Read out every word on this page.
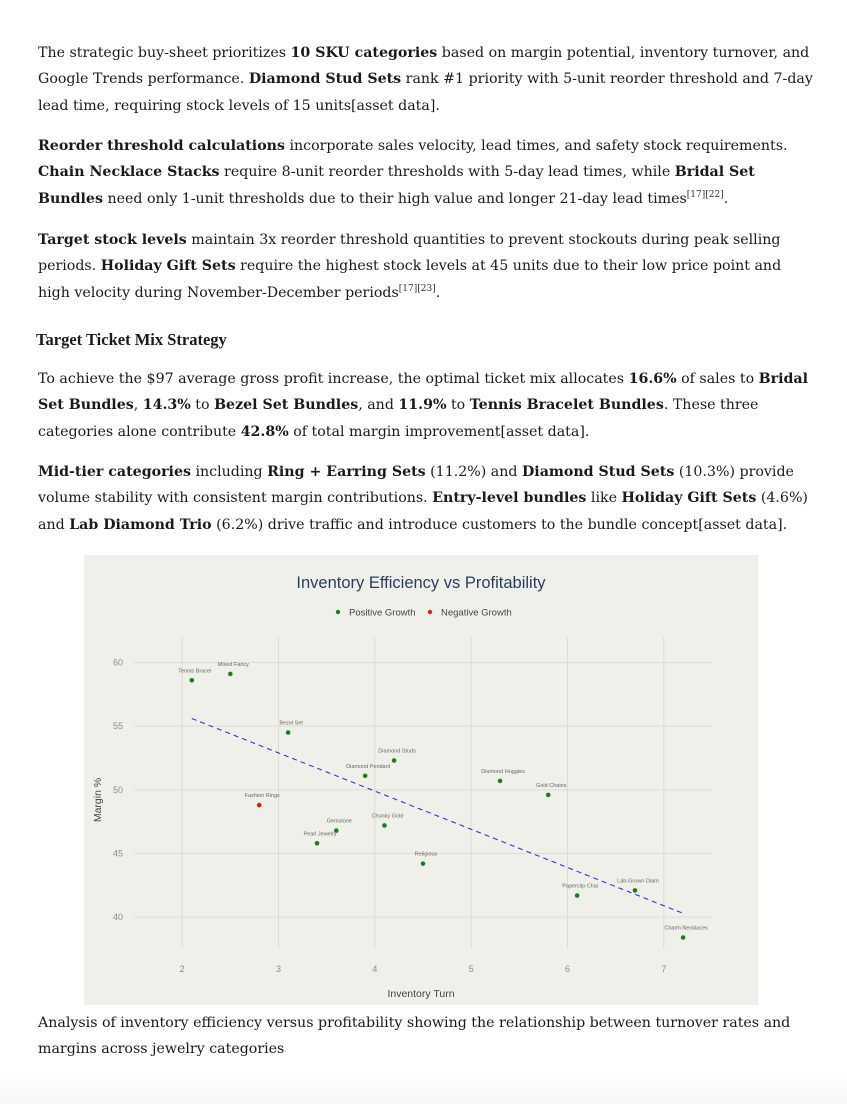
The strategic buy-sheet prioritizes 10 SKU categories based on margin potential, inventory turnover, and Google Trends performance. Diamond Stud Sets rank #1 priority with 5-unit reorder threshold and 7-day lead time, requiring stock levels of 15 units[asset data].

Reorder threshold calculations incorporate sales velocity, lead times, and safety stock requirements. Chain Necklace Stacks require 8-unit reorder thresholds with 5-day lead times, while Bridal Set Bundles need only 1-unit thresholds due to their high value and longer 21-day lead times[17][22].

Target stock levels maintain 3x reorder threshold quantities to prevent stockouts during peak selling periods. Holiday Gift Sets require the highest stock levels at 45 units due to their low price point and high velocity during November-December periods[17][23].

Target Ticket Mix Strategy

To achieve the $97 average gross profit increase, the optimal ticket mix allocates 16.6% of sales to Bridal Set Bundles, 14.3% to Bezel Set Bundles, and 11.9% to Tennis Bracelet Bundles. These three categories alone contribute 42.8% of total margin improvement[asset data].

Mid-tier categories including Ring + Earring Sets (11.2%) and Diamond Stud Sets (10.3%) provide volume stability with consistent margin contributions. Entry-level bundles like Holiday Gift Sets (4.6%) and Lab Diamond Trio (6.2%) drive traffic and introduce customers to the bundle concept[asset data].

Inventory Efficiency vs Profitability
Positive Growth	Negative Growth
2	3	4	5	6	7
40
45
50
55
60
Tennis Bracel
Mixed Fancy
Bezel Set
Fashion Rings
Gemstone
Pearl Jewelry
Diamond Pendant
Diamond Studs
Chunky Gold
Religious
Diamond Huggies
Gold Chains
Paperclip Chai
Lab-Grown Diam
Charm Necklaces
Inventory Turn
Margin %

Analysis of inventory efficiency versus profitability showing the relationship between turnover rates and margins across jewelry categories
